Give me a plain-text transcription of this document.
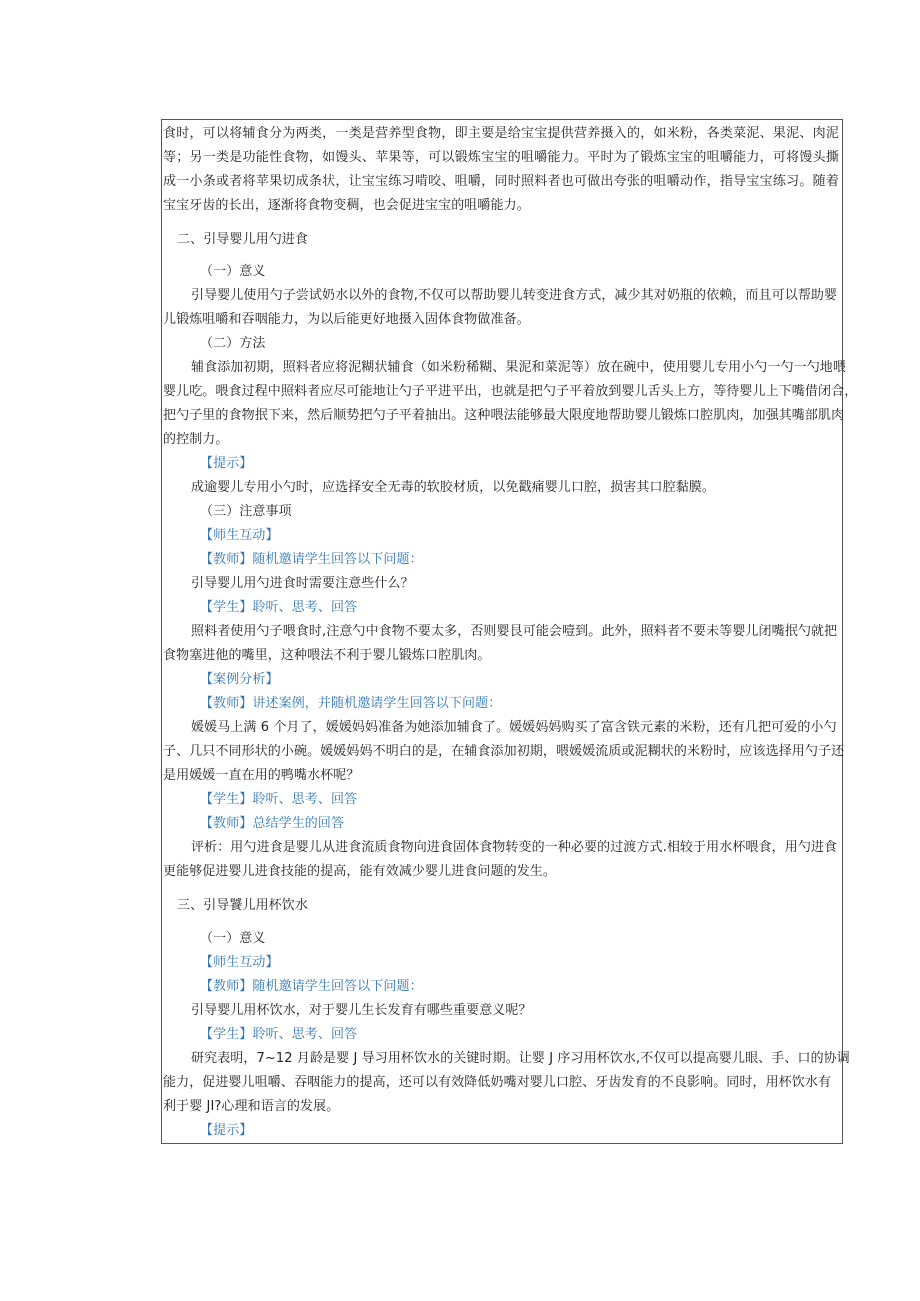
食时，可以将辅食分为两类，一类是营养型食物，即主要是给宝宝提供营养摄入的，如米粉，各类菜泥、果泥、肉泥
等；另一类是功能性食物，如馒头、苹果等，可以锻炼宝宝的咀嚼能力。平时为了锻炼宝宝的咀嚼能力，可将馒头撕
成一小条或者将苹果切成条状，让宝宝练习啃咬、咀嚼，同时照料者也可做出夸张的咀嚼动作，指导宝宝练习。随着
宝宝牙齿的长出，逐渐将食物变稠，也会促进宝宝的咀嚼能力。
二、引导婴儿用勺进食
（一）意义
引导婴儿使用勺子尝试奶水以外的食物,不仅可以帮助婴儿转变进食方式，减少其对奶瓶的依赖，而且可以帮助婴
儿锻炼咀嚼和吞咽能力，为以后能更好地摄入固体食物做准备。
（二）方法
辅食添加初期，照料者应将泥糊状辅食（如米粉稀糊、果泥和菜泥等）放在碗中，使用婴儿专用小勺一勺一勺地喂
婴儿吃。喂食过程中照料者应尽可能地让勺子平进平出，也就是把勺子平着放到婴儿舌头上方，等待婴儿上下嘴借闭合，
把勺子里的食物抿下来，然后顺势把勺子平着抽出。这种喂法能够最大限度地帮助婴儿锻炼口腔肌肉，加强其嘴部肌肉
的控制力。
【提示】
成逾婴儿专用小勺时，应选择安全无毒的软胶材质，以免戳痛婴儿口腔，损害其口腔黏膜。
（三）注意事项
【师生互动】
【教师】随机邀请学生回答以下问题：
引导婴儿用勺进食时需要注意些什么？
【学生】聆听、思考、回答
照料者使用勺子喂食时,注意勺中食物不要太多，否则婴艮可能会噎到。此外，照料者不要未等婴儿闭嘴抿勺就把
食物塞进他的嘴里，这种喂法不利于婴儿锻炼口腔肌肉。
【案例分析】
【教师】讲述案例，并随机邀请学生回答以下问题：
媛媛马上满 6 个月了，媛媛妈妈准备为她添加辅食了。媛媛妈妈购买了富含铁元素的米粉，还有几把可爱的小勺
子、几只不同形状的小碗。媛媛妈妈不明白的是，在辅食添加初期，喂媛媛流质或泥糊状的米粉时，应该选择用勺子还
是用媛媛一直在用的鸭嘴水杯呢？
【学生】聆听、思考、回答
【教师】总结学生的回答
评析：用勺进食是婴儿从进食流质食物向进食固体食物转变的一种必要的过渡方式.相较于用水杯喂食，用勺进食
更能够促进婴儿进食技能的提高，能有效减少婴儿进食问题的发生。
三、引导饕儿用杯饮水
（一）意义
【师生互动】
【教师】随机邀请学生回答以下问题：
引导婴儿用杯饮水，对于婴儿生长发育有哪些重要意义呢？
【学生】聆听、思考、回答
研究表明，7~12 月龄是婴 J 导习用杯饮水的关键时期。让婴 J 序习用杯饮水,不仅可以提高婴儿眼、手、口的协调
能力，促进婴儿咀嚼、吞咽能力的提高，还可以有效降低奶嘴对婴儿口腔、牙齿发育的不良影响。同时，用杯饮水有
利于婴 JI?心理和语言的发展。
【提示】
